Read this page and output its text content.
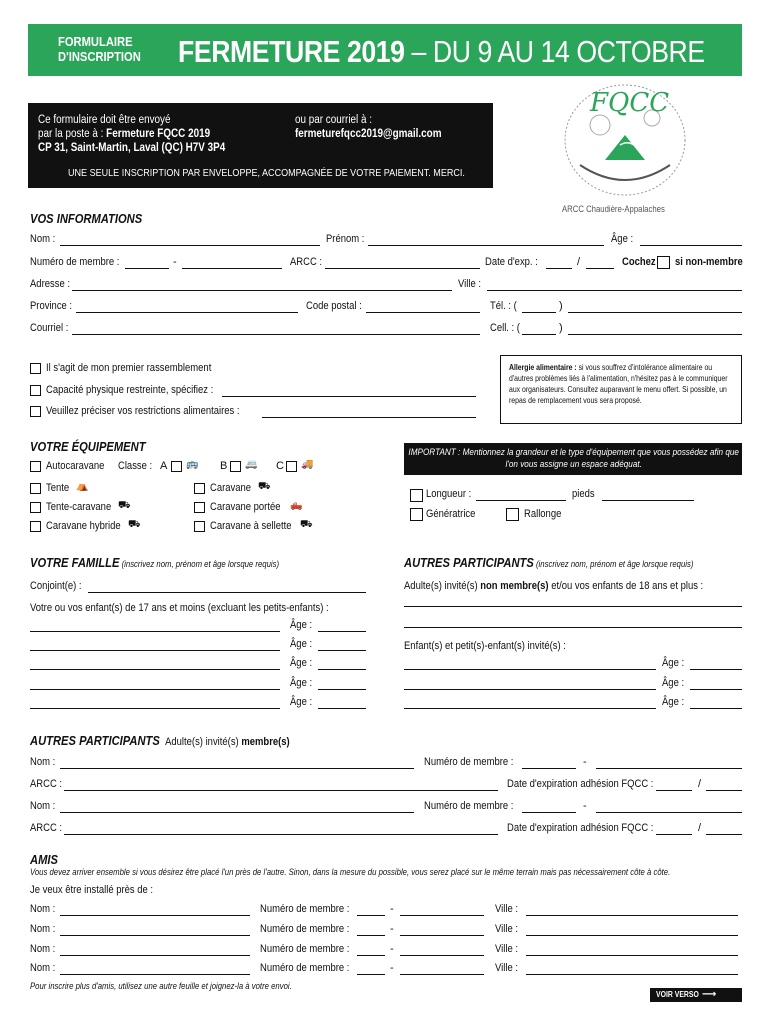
FORMULAIRE
D'INSCRIPTION FERMETURE 2019 – DU 9 AU 14 OCTOBRE
Ce formulaire doit être envoyé
par la poste à : Fermeture FQCC 2019
CP 31, Saint-Martin, Laval (QC) H7V 3P4
ou par courriel à :
fermeturefqcc2019@gmail.com
UNE SEULE INSCRIPTION PAR ENVELOPPE, ACCOMPAGNÉE DE VOTRE PAIEMENT. MERCI.
FQCC
ARCC Chaudière-Appalaches
VOS INFORMATIONS
Nom :	Prénom :	Âge :
Numéro de membre :	-	ARCC :	Date d'exp. :	/	Cochez si non-membre
Adresse :	Ville :
Province :	Code postal :	Tél. : (	)
Courriel :	Cell. : (	)
Il s'agit de mon premier rassemblement
Capacité physique restreinte, spécifiez :
Veuillez préciser vos restrictions alimentaires :
Allergie alimentaire : si vous souffrez d'intolérance alimentaire ou d'autres problèmes liés à l'alimentation, n'hésitez pas à le communiquer aux organisateurs. Consultez auparavant le menu offert. Si possible, un repas de remplacement vous sera proposé.
VOTRE ÉQUIPEMENT
Autocaravane Classe : A 🚌 B 🚐 C 🚚
Tente ⛺
Tente-caravane ⛟
Caravane hybride ⛟
Caravane ⛟
Caravane portée 🛻
Caravane à sellette ⛟
IMPORTANT : Mentionnez la grandeur et le type d'équipement que vous possédez afin que l'on vous assigne un espace adéquat.
Longueur :	pieds
Génératrice	Rallonge
VOTRE FAMILLE (inscrivez nom, prénom et âge lorsque requis)
Conjoint(e) :
Votre ou vos enfant(s) de 17 ans et moins (excluant les petits-enfants) :
Âge :
Âge :
Âge :
Âge :
Âge :
AUTRES PARTICIPANTS (inscrivez nom, prénom et âge lorsque requis)
Adulte(s) invité(s) non membre(s) et/ou vos enfants de 18 ans et plus :
Enfant(s) et petit(s)-enfant(s) invité(s) :
Âge :
Âge :
Âge :
AUTRES PARTICIPANTS Adulte(s) invité(s) membre(s)
Nom :	Numéro de membre :	-
ARCC :	Date d'expiration adhésion FQCC :	/
Nom :	Numéro de membre :	-
ARCC :	Date d'expiration adhésion FQCC :	/
AMIS
Vous devez arriver ensemble si vous désirez être placé l'un près de l'autre. Sinon, dans la mesure du possible, vous serez placé sur le même terrain mais pas nécessairement côte à côte.
Je veux être installé près de :
Nom :	Numéro de membre :	-	Ville :
Nom :	Numéro de membre :	-	Ville :
Nom :	Numéro de membre :	-	Ville :
Nom :	Numéro de membre :	-	Ville :
Pour inscrire plus d'amis, utilisez une autre feuille et joignez-la à votre envoi.
VOIR VERSO ⟶
